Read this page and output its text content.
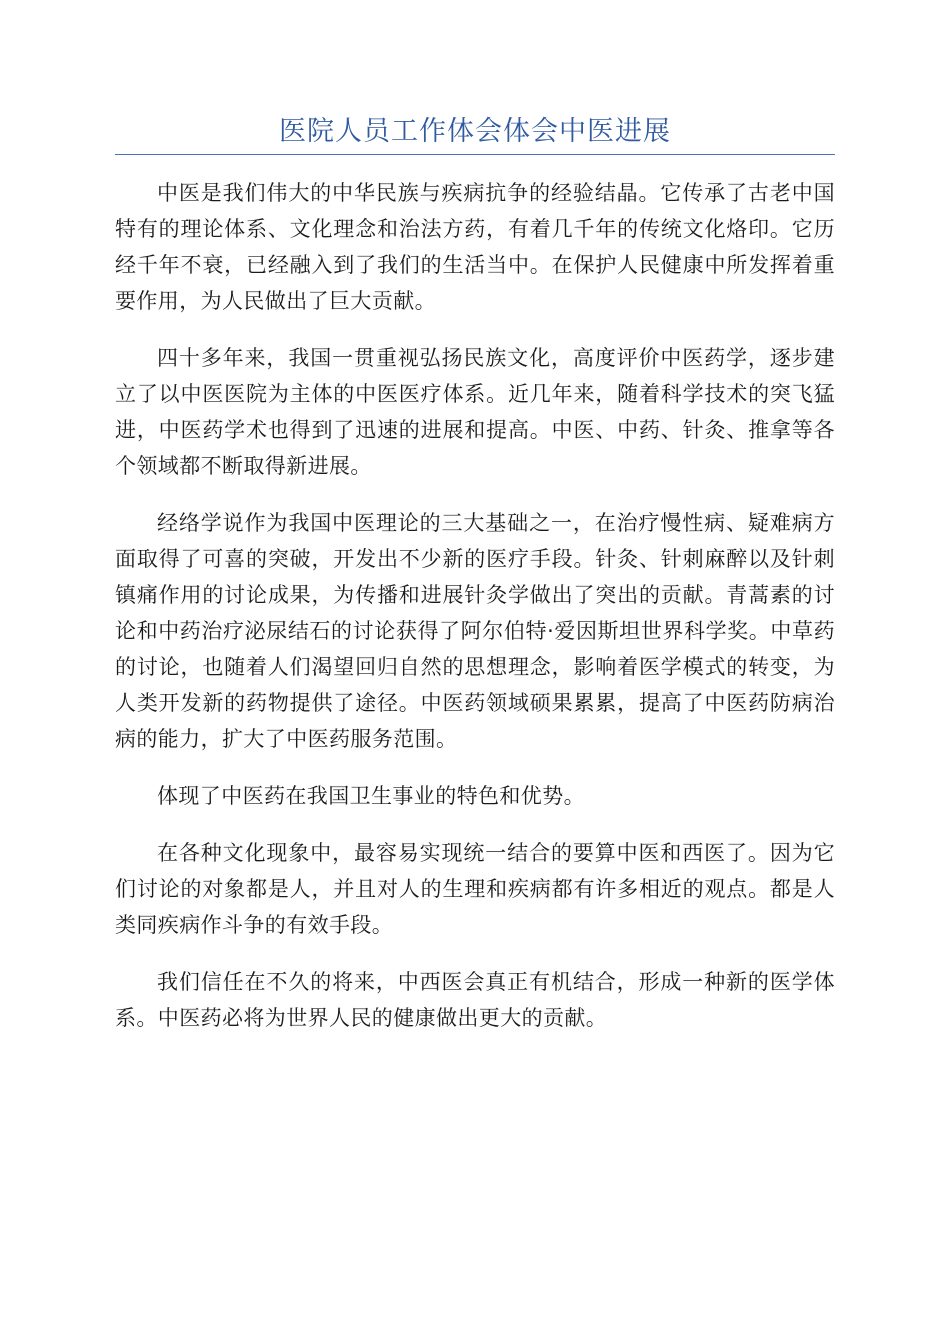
医院人员工作体会体会中医进展

中医是我们伟大的中华民族与疾病抗争的经验结晶。它传承了古老中国特有的理论体系、文化理念和治法方药，有着几千年的传统文化烙印。它历经千年不衰，已经融入到了我们的生活当中。在保护人民健康中所发挥着重要作用，为人民做出了巨大贡献。

四十多年来，我国一贯重视弘扬民族文化，高度评价中医药学，逐步建立了以中医医院为主体的中医医疗体系。近几年来，随着科学技术的突飞猛进，中医药学术也得到了迅速的进展和提高。中医、中药、针灸、推拿等各个领域都不断取得新进展。

经络学说作为我国中医理论的三大基础之一，在治疗慢性病、疑难病方面取得了可喜的突破，开发出不少新的医疗手段。针灸、针刺麻醉以及针刺镇痛作用的讨论成果，为传播和进展针灸学做出了突出的贡献。青蒿素的讨论和中药治疗泌尿结石的讨论获得了阿尔伯特·爱因斯坦世界科学奖。中草药的讨论，也随着人们渴望回归自然的思想理念，影响着医学模式的转变，为人类开发新的药物提供了途径。中医药领域硕果累累，提高了中医药防病治病的能力，扩大了中医药服务范围。

体现了中医药在我国卫生事业的特色和优势。

在各种文化现象中，最容易实现统一结合的要算中医和西医了。因为它们讨论的对象都是人，并且对人的生理和疾病都有许多相近的观点。都是人类同疾病作斗争的有效手段。

我们信任在不久的将来，中西医会真正有机结合，形成一种新的医学体系。中医药必将为世界人民的健康做出更大的贡献。
